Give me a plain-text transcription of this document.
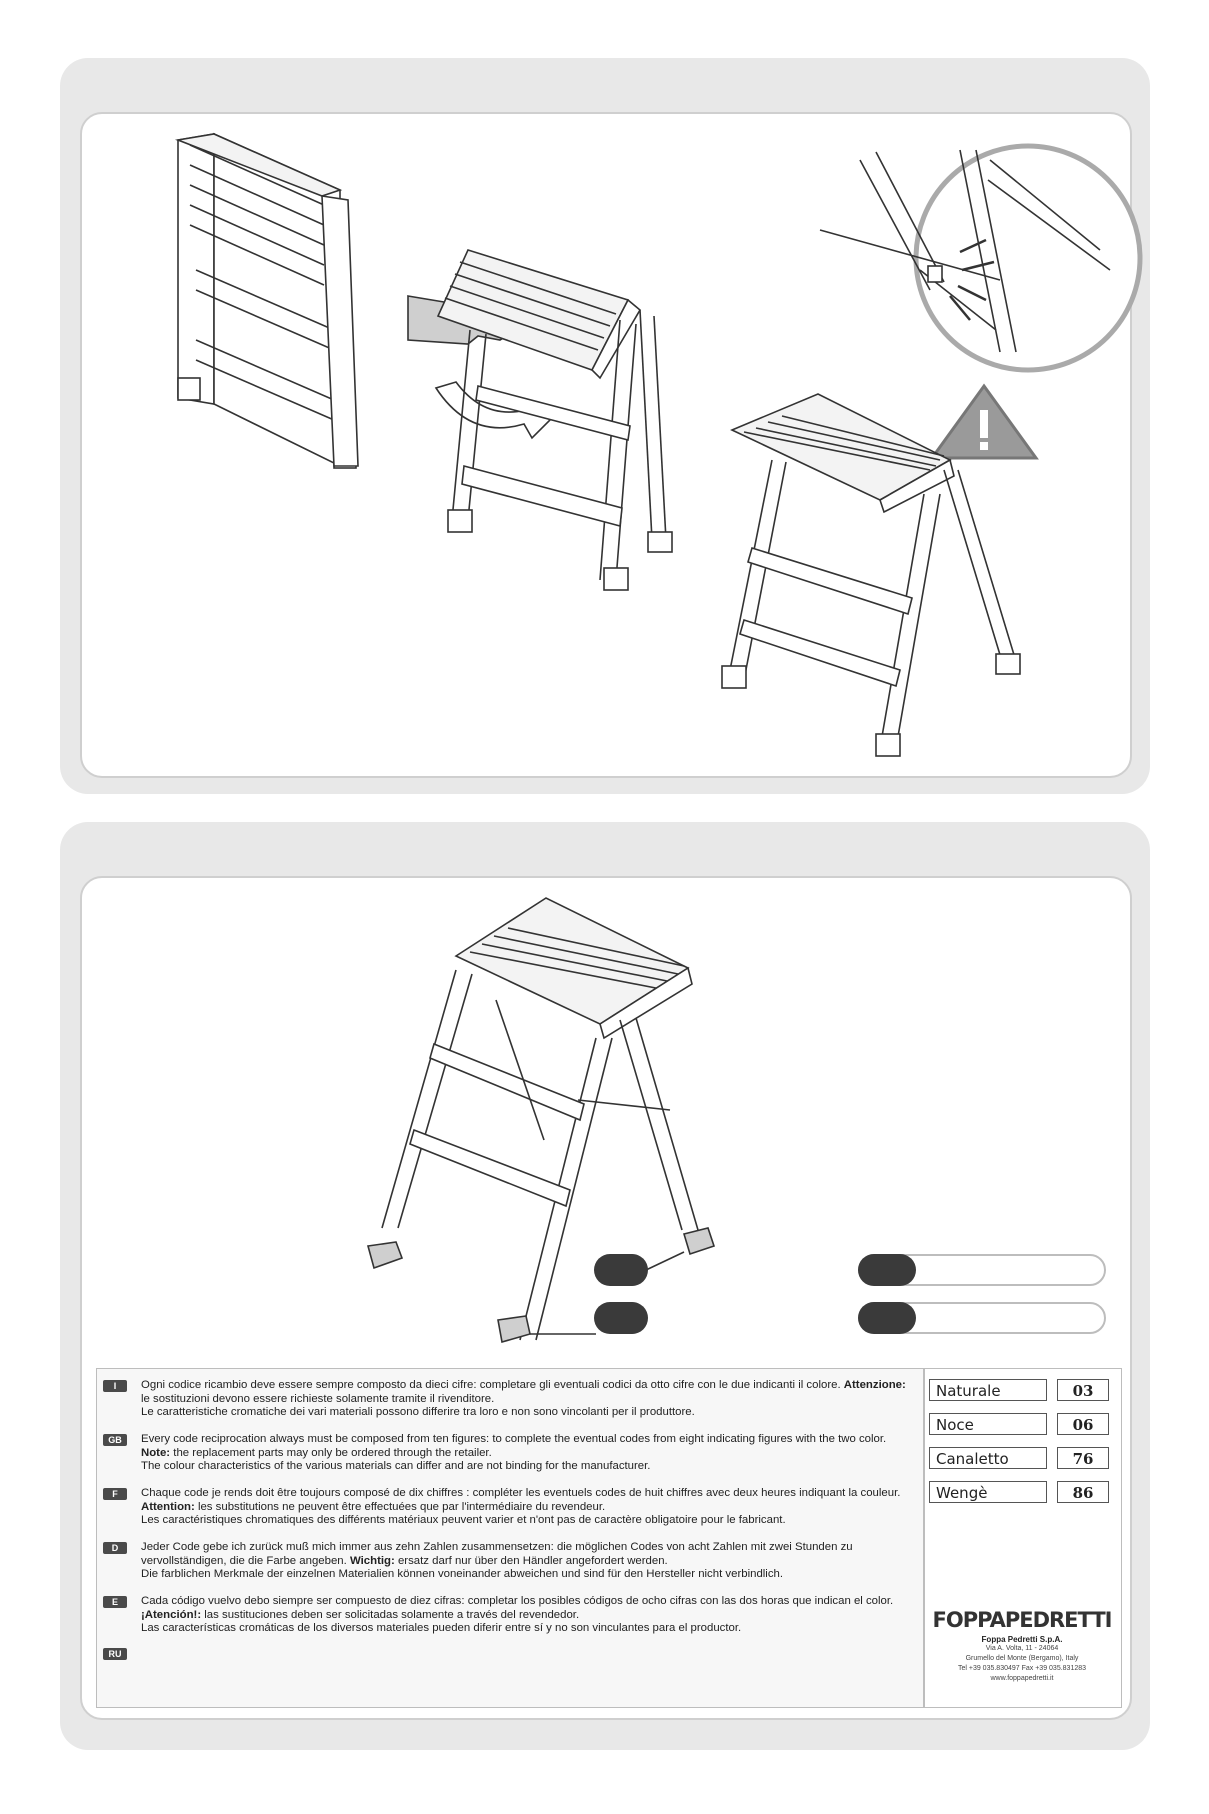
I	Ogni codice ricambio deve essere sempre composto da dieci cifre: completare gli eventuali codici da otto cifre con le due indicanti il colore. Attenzione: le sostituzioni devono essere richieste solamente tramite il rivenditore.
Le caratteristiche cromatiche dei vari materiali possono differire tra loro e non sono vincolanti per il produttore.
GB	Every code reciprocation always must be composed from ten figures: to complete the eventual codes from eight indicating figures with the two color. Note: the replacement parts may only be ordered through the retailer.
The colour characteristics of the various materials can differ and are not binding for the manufacturer.
F	Chaque code je rends doit être toujours composé de dix chiffres : compléter les eventuels codes de huit chiffres avec deux heures indiquant la couleur. Attention: les substitutions ne peuvent être effectuées que par l'intermédiaire du revendeur.
Les caractéristiques chromatiques des différents matériaux peuvent varier et n'ont pas de caractère obligatoire pour le fabricant.
D	Jeder Code gebe ich zurück muß mich immer aus zehn Zahlen zusammensetzen: die möglichen Codes von acht Zahlen mit zwei Stunden zu vervollständigen, die die Farbe angeben. Wichtig: ersatz darf nur über den Händler angefordert werden.
Die farblichen Merkmale der einzelnen Materialien können voneinander abweichen und sind für den Hersteller nicht verbindlich.
E	Cada código vuelvo debo siempre ser compuesto de diez cifras: completar los posibles códigos de ocho cifras con las dos horas que indican el color. ¡Atención!: las sustituciones deben ser solicitadas solamente a través del revendedor.
Las características cromáticas de los diversos materiales pueden diferir entre sí y no son vinculantes para el productor.
RU
Naturale	03
Noce	06
Canaletto	76
Wengè	86
FOPPAPEDRETTI
Foppa Pedretti S.p.A.
Via A. Volta, 11 - 24064
Grumello del Monte (Bergamo), Italy
Tel +39 035.830497 Fax +39 035.831283
www.foppapedretti.it
